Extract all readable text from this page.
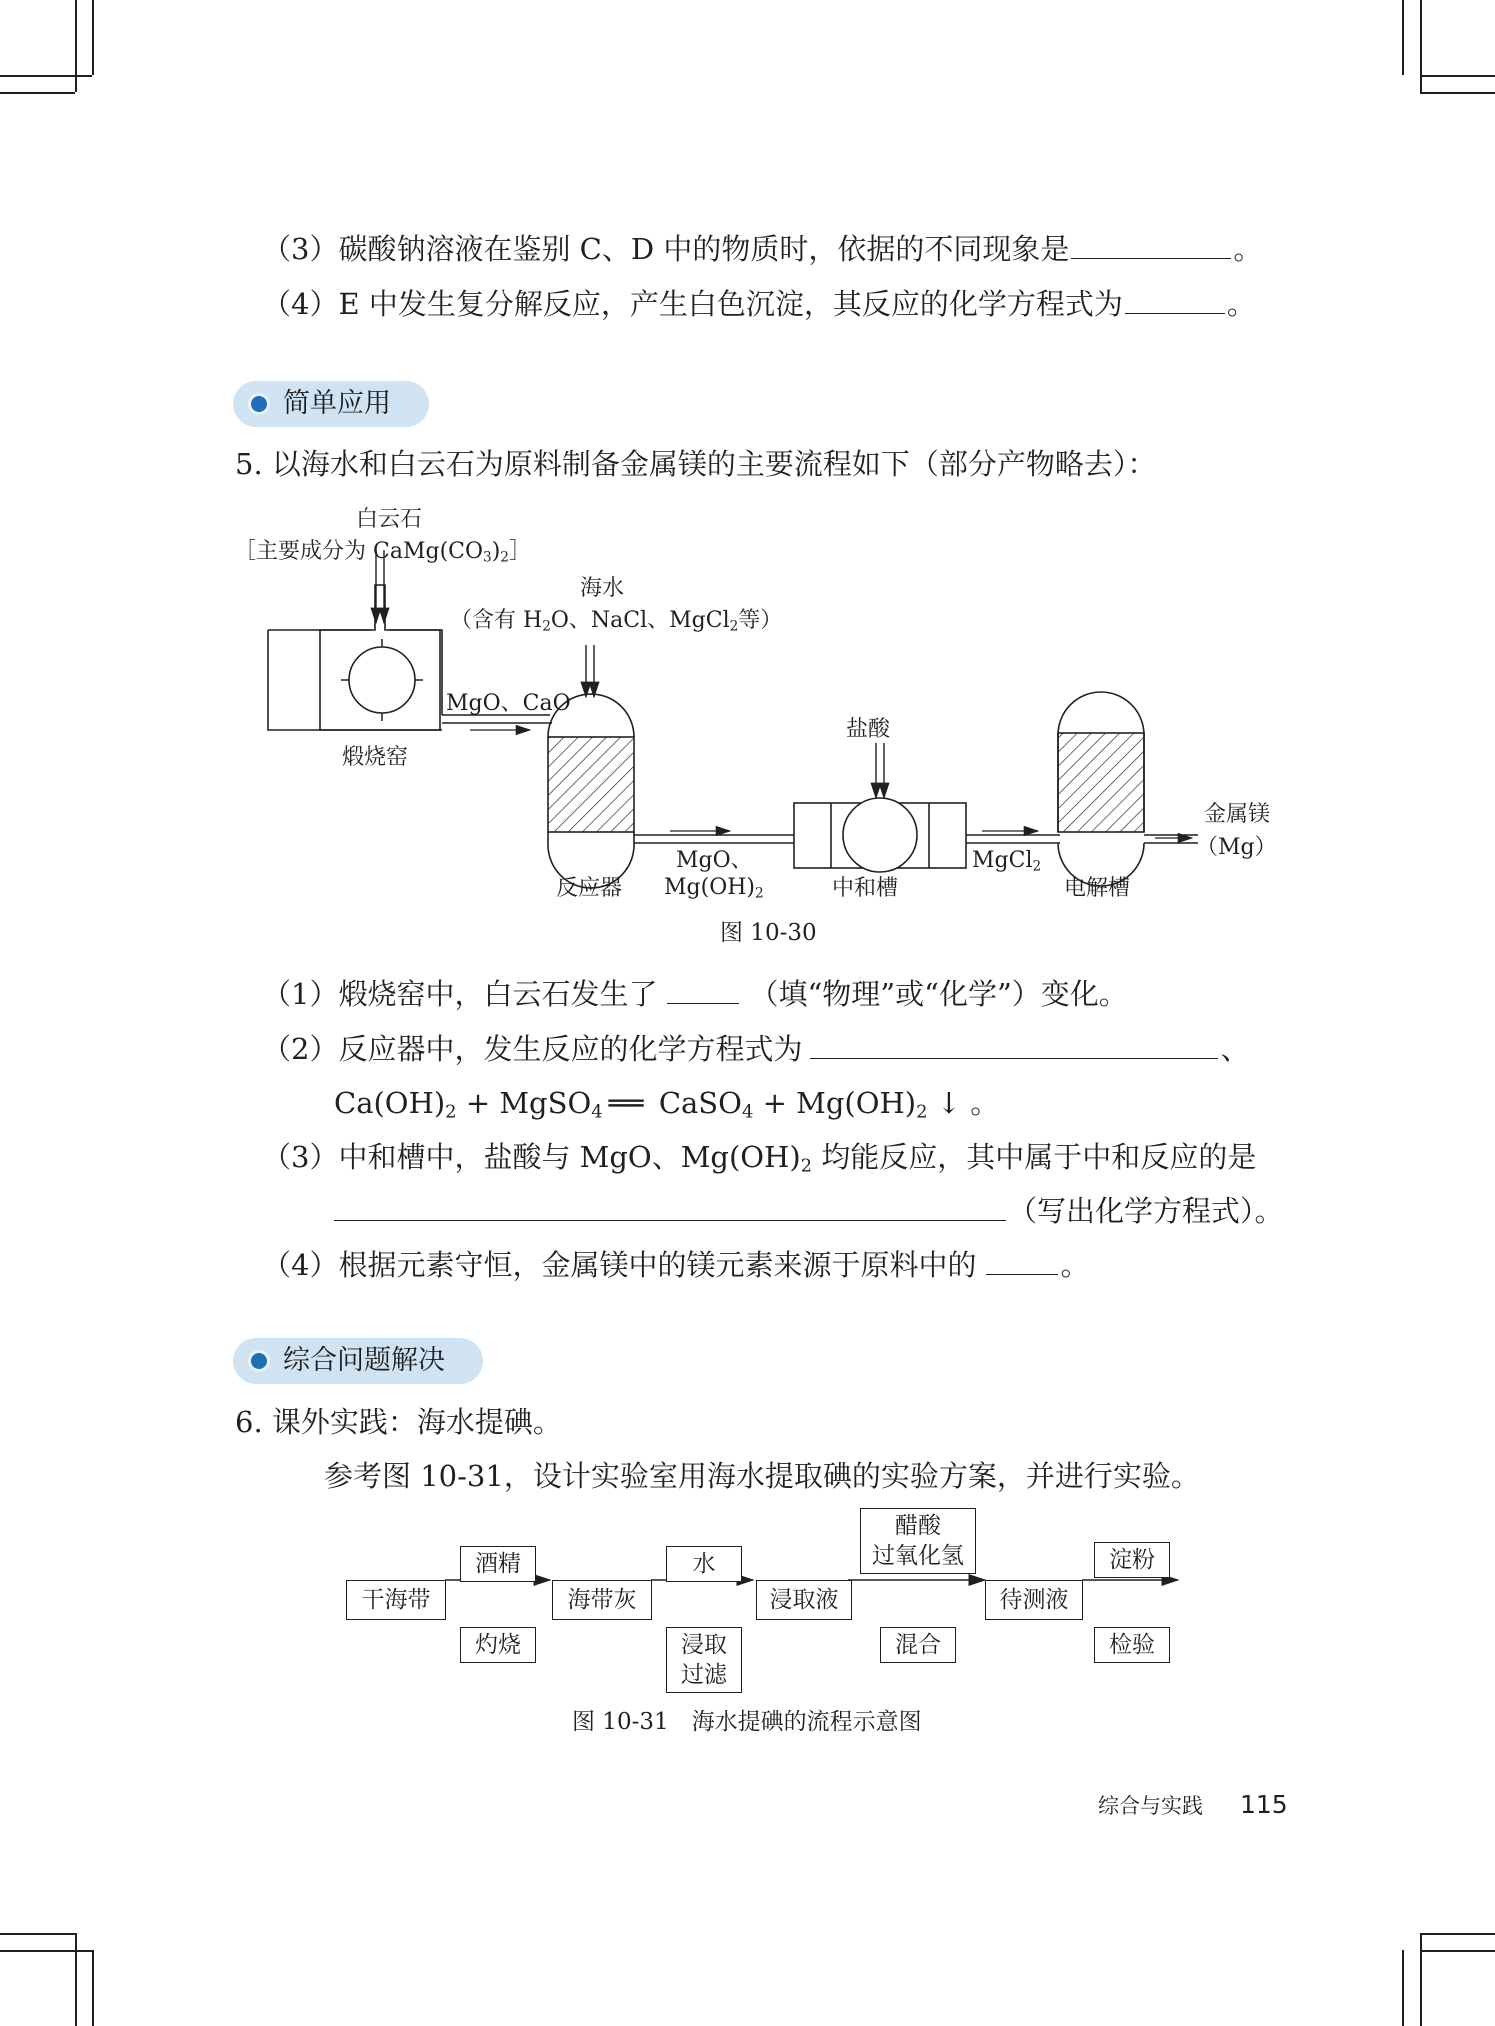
（3）碳酸钠溶液在鉴别 C、D 中的物质时，依据的不同现象是	。
（4）E 中发生复分解反应，产生白色沉淀，其反应的化学方程式为	。
简单应用
5. 以海水和白云石为原料制备金属镁的主要流程如下（部分产物略去）：
白云石
［主要成分为 $CaMg(CO_3)_2]$
海水
（含有 $H_2O$、NaCl、MgCl$_2$等）
MgO、CaO
煅烧窑
盐酸
MgO、
$Mg(OH)_2$
反应器	中和槽
MgCl$_2$
电解槽
金属镁
（Mg）
图 10-30
（1）煅烧窑中，白云石发生了	（填“物理”或“化学”）变化。
（2）反应器中，发生反应的化学方程式为	、
$Ca(OH)_2$ + MgSO$_4$ ══ CaSO$_4$ + $Mg(OH)_2$ ↓ 。
（3）中和槽中，盐酸与 MgO、$Mg(OH)_2$ 均能反应，其中属于中和反应的是
（写出化学方程式）。
（4）根据元素守恒，金属镁中的镁元素来源于原料中的	。
综合问题解决
6. 课外实践：海水提碘。
参考图 10-31，设计实验室用海水提取碘的实验方案，并进行实验。
干海带	海带灰	浸取液	待测液
酒精	水
醋酸
过氧化氢	淀粉
灼烧	浸取
过滤
混合	检验
图 10-31　海水提碘的流程示意图
综合与实践 115
